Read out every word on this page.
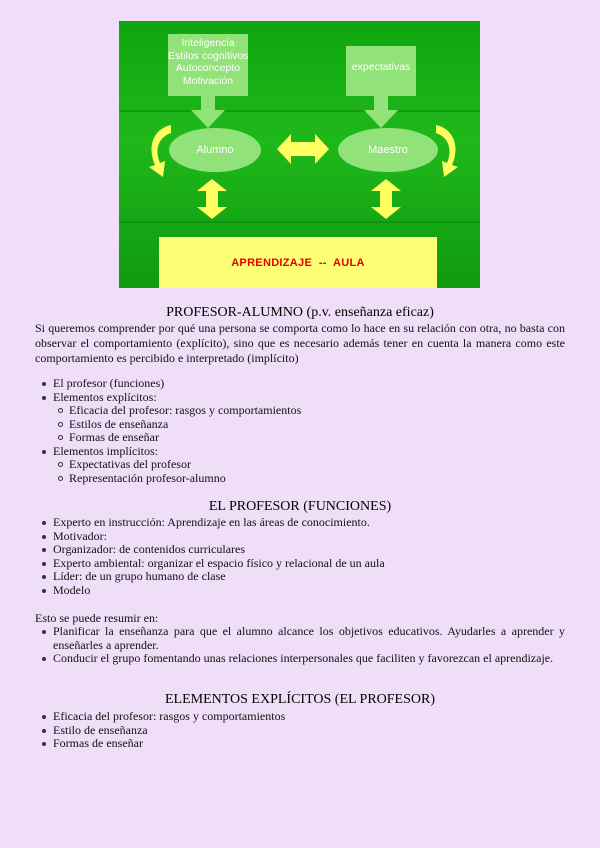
Inteligencia
Estilos cognitivos
Autoconcepto
Motivación
expectativas
Alumno	Maestro
APRENDIZAJE  --  AULA
PROFESOR-ALUMNO (p.v. enseñanza eficaz)

Si queremos comprender por qué una persona se comporta como lo hace en su relación con otra, no basta con observar el comportamiento (explícito), sino que es necesario además tener en cuenta la manera como este comportamiento es percibido e interpretado (implícito)

El profesor (funciones)
Elementos explícitos:
Eficacia del profesor: rasgos y comportamientos
Estilos de enseñanza
Formas de enseñar
Elementos implícitos:
Expectativas del profesor
Representación profesor-alumno
EL PROFESOR (FUNCIONES)
Experto en instrucción: Aprendizaje en las áreas de conocimiento.
Motivador:
Organizador: de contenidos curriculares
Experto ambiental: organizar el espacio físico y relacional de un aula
Líder: de un grupo humano de clase
Modelo

Esto se puede resumir en:

Planificar la enseñanza para que el alumno alcance los objetivos educativos. Ayudarles a aprender y enseñarles a aprender.
Conducir el grupo fomentando unas relaciones interpersonales que faciliten y favorezcan el aprendizaje.
ELEMENTOS EXPLÍCITOS (EL PROFESOR)
Eficacia del profesor: rasgos y comportamientos
Estilo de enseñanza
Formas de enseñar
